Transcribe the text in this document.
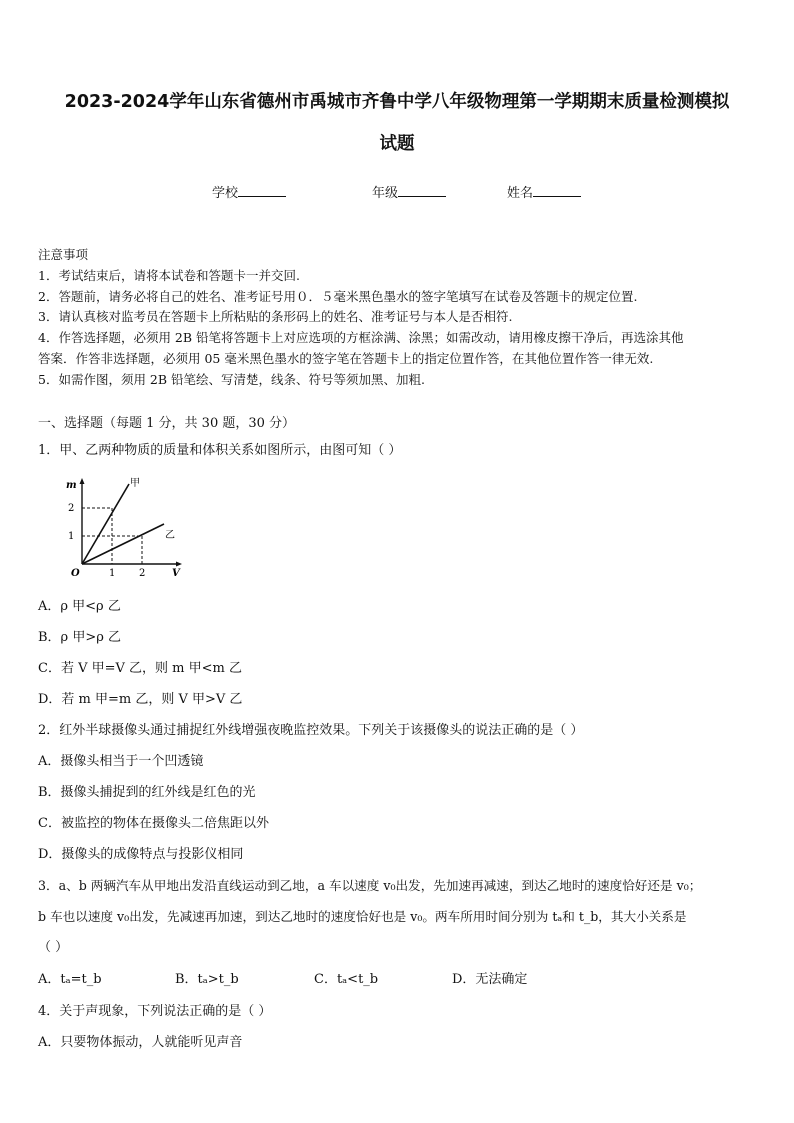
2023-2024学年山东省德州市禹城市齐鲁中学八年级物理第一学期期末质量检测模拟
试题
学校	年级	姓名
注意事项
1．考试结束后，请将本试卷和答题卡一并交回.
2．答题前，请务必将自己的姓名、准考证号用０．５毫米黑色墨水的签字笔填写在试卷及答题卡的规定位置.
3．请认真核对监考员在答题卡上所粘贴的条形码上的姓名、准考证号与本人是否相符.
4．作答选择题，必须用 2B 铅笔将答题卡上对应选项的方框涂满、涂黑；如需改动，请用橡皮擦干净后，再选涂其他
答案．作答非选择题，必须用 05 毫米黑色墨水的签字笔在答题卡上的指定位置作答，在其他位置作答一律无效.
5．如需作图，须用 2B 铅笔绘、写清楚，线条、符号等须加黑、加粗.
一、选择题（每题 1 分，共 30 题，30 分）
1．甲、乙两种物质的质量和体积关系如图所示，由图可知（ ）
m
2
1
O	1 2	V
甲
乙
A．ρ 甲<ρ 乙
B．ρ 甲>ρ 乙
C．若 V 甲=V 乙，则 m 甲<m 乙
D．若 m 甲=m 乙，则 V 甲>V 乙
2．红外半球摄像头通过捕捉红外线增强夜晚监控效果。下列关于该摄像头的说法正确的是（ ）
A．摄像头相当于一个凹透镜
B．摄像头捕捉到的红外线是红色的光
C．被监控的物体在摄像头二倍焦距以外
D．摄像头的成像特点与投影仪相同
3．a、b 两辆汽车从甲地出发沿直线运动到乙地，a 车以速度 v₀出发，先加速再减速，到达乙地时的速度恰好还是 v₀；
b 车也以速度 v₀出发，先减速再加速，到达乙地时的速度恰好也是 v₀。两车所用时间分别为 tₐ和 t_b，其大小关系是
（ ）
A．tₐ=t_b	B．tₐ>t_b	C．tₐ<t_b	D．无法确定
4．关于声现象，下列说法正确的是（ ）
A．只要物体振动，人就能听见声音
